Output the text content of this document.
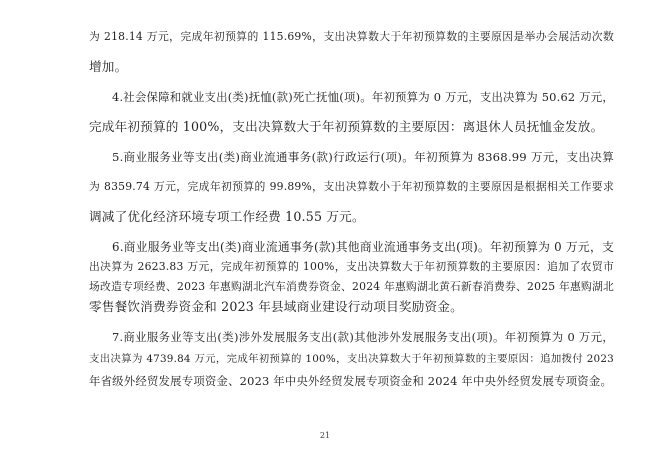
为 218.14 万元，完成年初预算的 115.69%，支出决算数大于年初预算数的主要原因是举办会展活动次数
增加。
4.社会保障和就业支出(类)抚恤(款)死亡抚恤(项)。年初预算为 0 万元，支出决算为 50.62 万元，
完成年初预算的 100%，支出决算数大于年初预算数的主要原因：离退休人员抚恤金发放。
5.商业服务业等支出(类)商业流通事务(款)行政运行(项)。年初预算为 8368.99 万元，支出决算
为 8359.74 万元，完成年初预算的 99.89%，支出决算数小于年初预算数的主要原因是根据相关工作要求
调减了优化经济环境专项工作经费 10.55 万元。
6.商业服务业等支出(类)商业流通事务(款)其他商业流通事务支出(项)。年初预算为 0 万元，支
出决算为 2623.83 万元，完成年初预算的 100%，支出决算数大于年初预算数的主要原因：追加了农贸市
场改造专项经费、2023 年惠购湖北汽车消费券资金、2024 年惠购湖北黄石新春消费券、2025 年惠购湖北
零售餐饮消费券资金和 2023 年县域商业建设行动项目奖励资金。
7.商业服务业等支出(类)涉外发展服务支出(款)其他涉外发展服务支出(项)。年初预算为 0 万元，
支出决算为 4739.84 万元，完成年初预算的 100%，支出决算数大于年初预算数的主要原因：追加拨付 2023
年省级外经贸发展专项资金、2023 年中央外经贸发展专项资金和 2024 年中央外经贸发展专项资金。
21
